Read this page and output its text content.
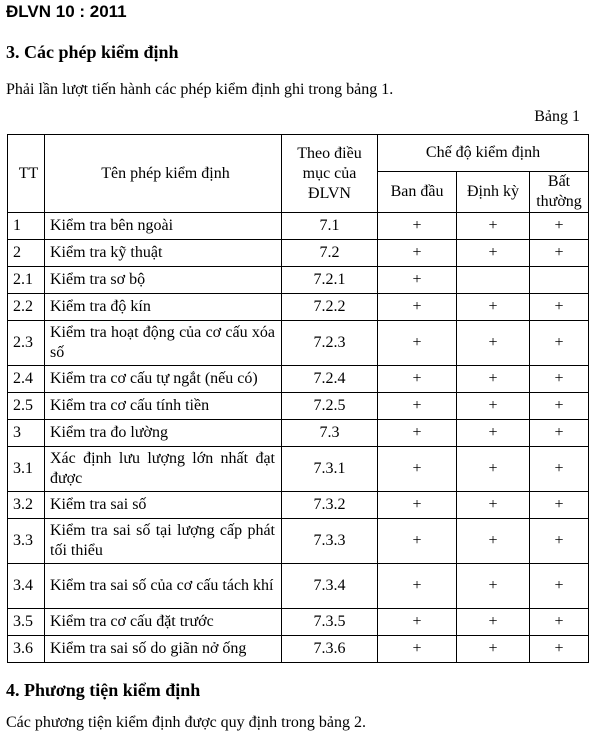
ĐLVN 10 : 2011
3. Các phép kiểm định
Phải lần lượt tiến hành các phép kiểm định ghi trong bảng 1.
Bảng 1
TT	Tên phép kiểm định	Theo điều mục của ĐLVN	Chế độ kiểm định		
			Ban đầu	Định kỳ	Bất thường
1	Kiểm tra bên ngoài	7.1	+	+	+
2	Kiểm tra kỹ thuật	7.2	+	+	+
2.1	Kiểm tra sơ bộ	7.2.1	+		
2.2	Kiểm tra độ kín	7.2.2	+	+	+
2.3	Kiểm tra hoạt động của cơ cấu xóa số	7.2.3	+	+	+
2.4	Kiểm tra cơ cấu tự ngắt (nếu có)	7.2.4	+	+	+
2.5	Kiểm tra cơ cấu tính tiền	7.2.5	+	+	+
3	Kiểm tra đo lường	7.3	+	+	+
3.1	Xác định lưu lượng lớn nhất đạt được	7.3.1	+	+	+
3.2	Kiểm tra sai số	7.3.2	+	+	+
3.3	Kiểm tra sai số tại lượng cấp phát tối thiểu	7.3.3	+	+	+
3.4	Kiểm tra sai số của cơ cấu tách khí	7.3.4	+	+	+
3.5	Kiểm tra cơ cấu đặt trước	7.3.5	+	+	+
3.6	Kiểm tra sai số do giãn nở ống	7.3.6	+	+	+
4. Phương tiện kiểm định
Các phương tiện kiểm định được quy định trong bảng 2.
